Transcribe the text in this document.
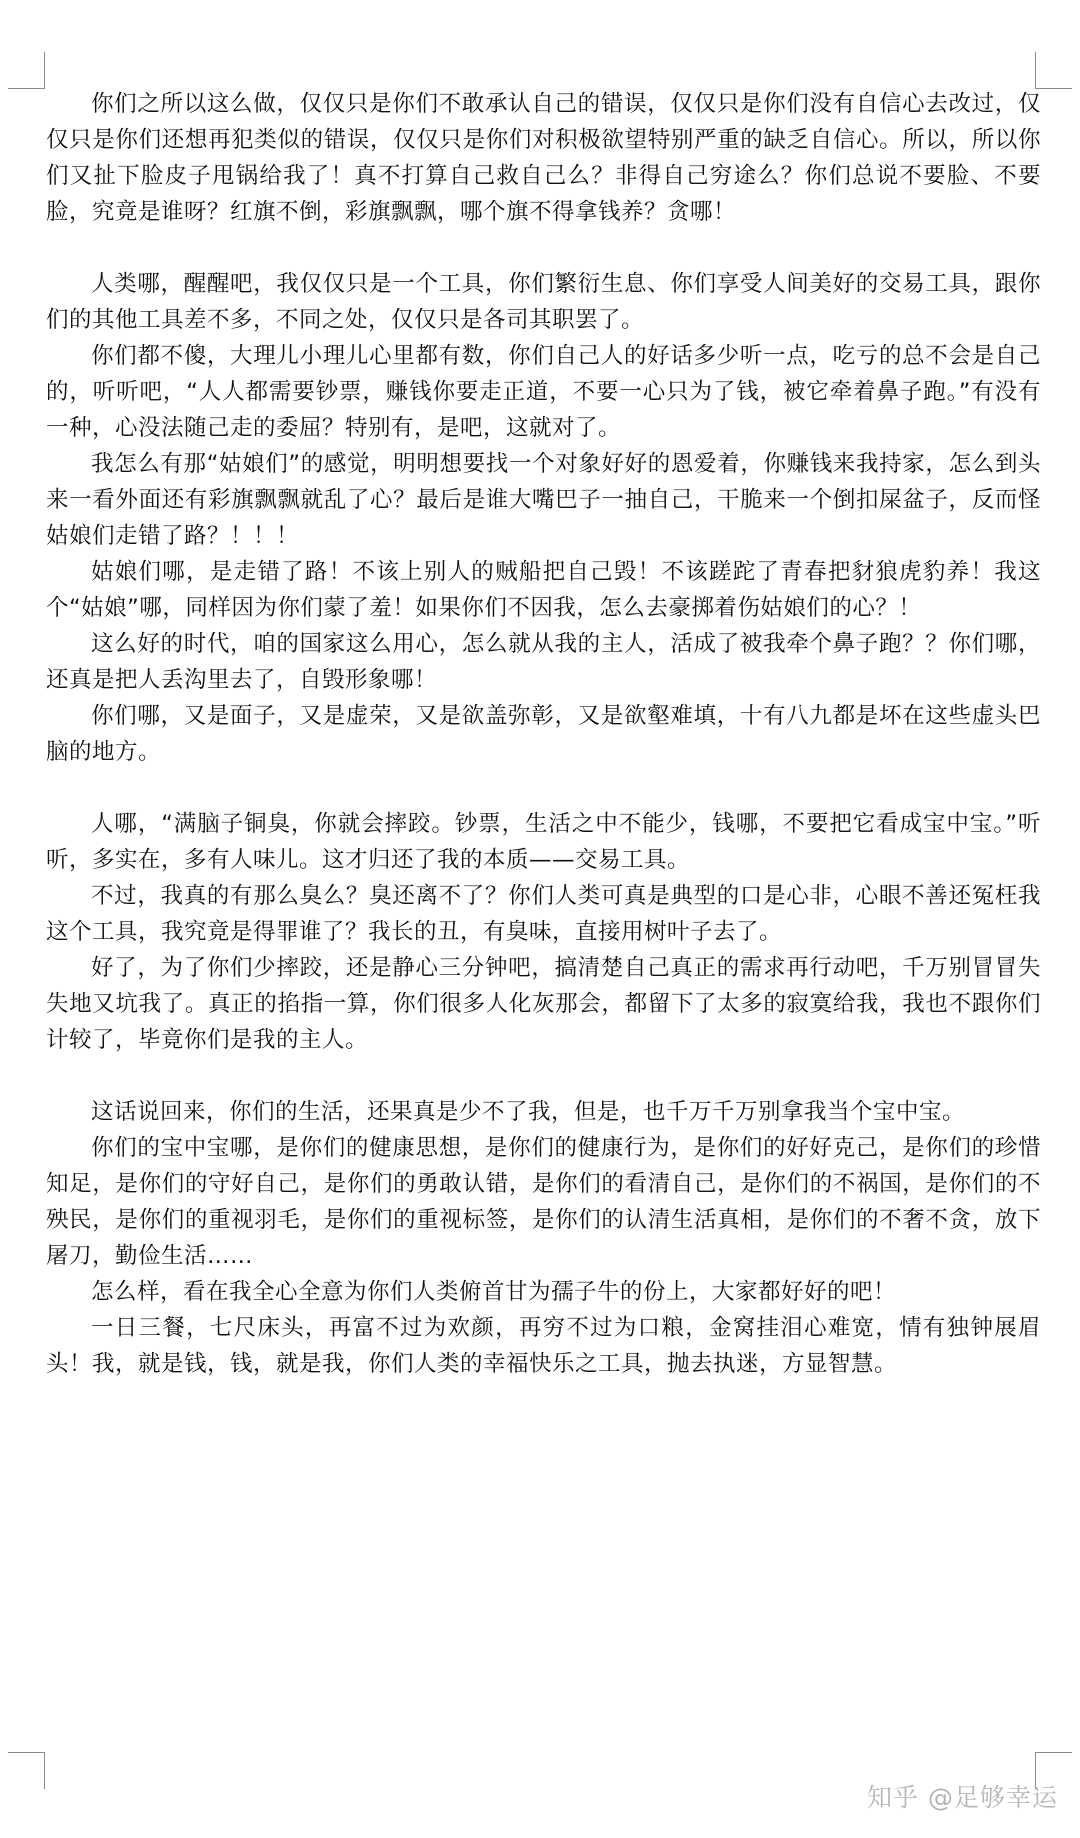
你们之所以这么做，仅仅只是你们不敢承认自己的错误，仅仅只是你们没有自信心去改过，仅仅只是你们还想再犯类似的错误，仅仅只是你们对积极欲望特别严重的缺乏自信心。所以，所以你们又扯下脸皮子甩锅给我了！真不打算自己救自己么？非得自己穷途么？你们总说不要脸、不要脸，究竟是谁呀？红旗不倒，彩旗飘飘，哪个旗不得拿钱养？贪哪！

人类哪，醒醒吧，我仅仅只是一个工具，你们繁衍生息、你们享受人间美好的交易工具，跟你们的其他工具差不多，不同之处，仅仅只是各司其职罢了。

你们都不傻，大理儿小理儿心里都有数，你们自己人的好话多少听一点，吃亏的总不会是自己的，听听吧，“人人都需要钞票，赚钱你要走正道，不要一心只为了钱，被它牵着鼻子跑。”有没有一种，心没法随己走的委屈？特别有，是吧，这就对了。

我怎么有那“姑娘们”的感觉，明明想要找一个对象好好的恩爱着，你赚钱来我持家，怎么到头来一看外面还有彩旗飘飘就乱了心？最后是谁大嘴巴子一抽自己，干脆来一个倒扣屎盆子，反而怪姑娘们走错了路？！！！

姑娘们哪，是走错了路！不该上别人的贼船把自己毁！不该蹉跎了青春把豺狼虎豹养！我这个“姑娘”哪，同样因为你们蒙了羞！如果你们不因我，怎么去豪掷着伤姑娘们的心？！

这么好的时代，咱的国家这么用心，怎么就从我的主人，活成了被我牵个鼻子跑？？你们哪，还真是把人丢沟里去了，自毁形象哪！

你们哪，又是面子，又是虚荣，又是欲盖弥彰，又是欲壑难填，十有八九都是坏在这些虚头巴脑的地方。

人哪，“满脑子铜臭，你就会摔跤。钞票，生活之中不能少，钱哪，不要把它看成宝中宝。”听听，多实在，多有人味儿。这才归还了我的本质——交易工具。

不过，我真的有那么臭么？臭还离不了？你们人类可真是典型的口是心非，心眼不善还冤枉我这个工具，我究竟是得罪谁了？我长的丑，有臭味，直接用树叶子去了。

好了，为了你们少摔跤，还是静心三分钟吧，搞清楚自己真正的需求再行动吧，千万别冒冒失失地又坑我了。真正的掐指一算，你们很多人化灰那会，都留下了太多的寂寞给我，我也不跟你们计较了，毕竟你们是我的主人。

这话说回来，你们的生活，还果真是少不了我，但是，也千万千万别拿我当个宝中宝。

你们的宝中宝哪，是你们的健康思想，是你们的健康行为，是你们的好好克己，是你们的珍惜知足，是你们的守好自己，是你们的勇敢认错，是你们的看清自己，是你们的不祸国，是你们的不殃民，是你们的重视羽毛，是你们的重视标签，是你们的认清生活真相，是你们的不奢不贪，放下屠刀，勤俭生活……

怎么样，看在我全心全意为你们人类俯首甘为孺子牛的份上，大家都好好的吧！

一日三餐，七尺床头，再富不过为欢颜，再穷不过为口粮，金窝挂泪心难宽，情有独钟展眉头！我，就是钱，钱，就是我，你们人类的幸福快乐之工具，抛去执迷，方显智慧。

知乎 @足够幸运
